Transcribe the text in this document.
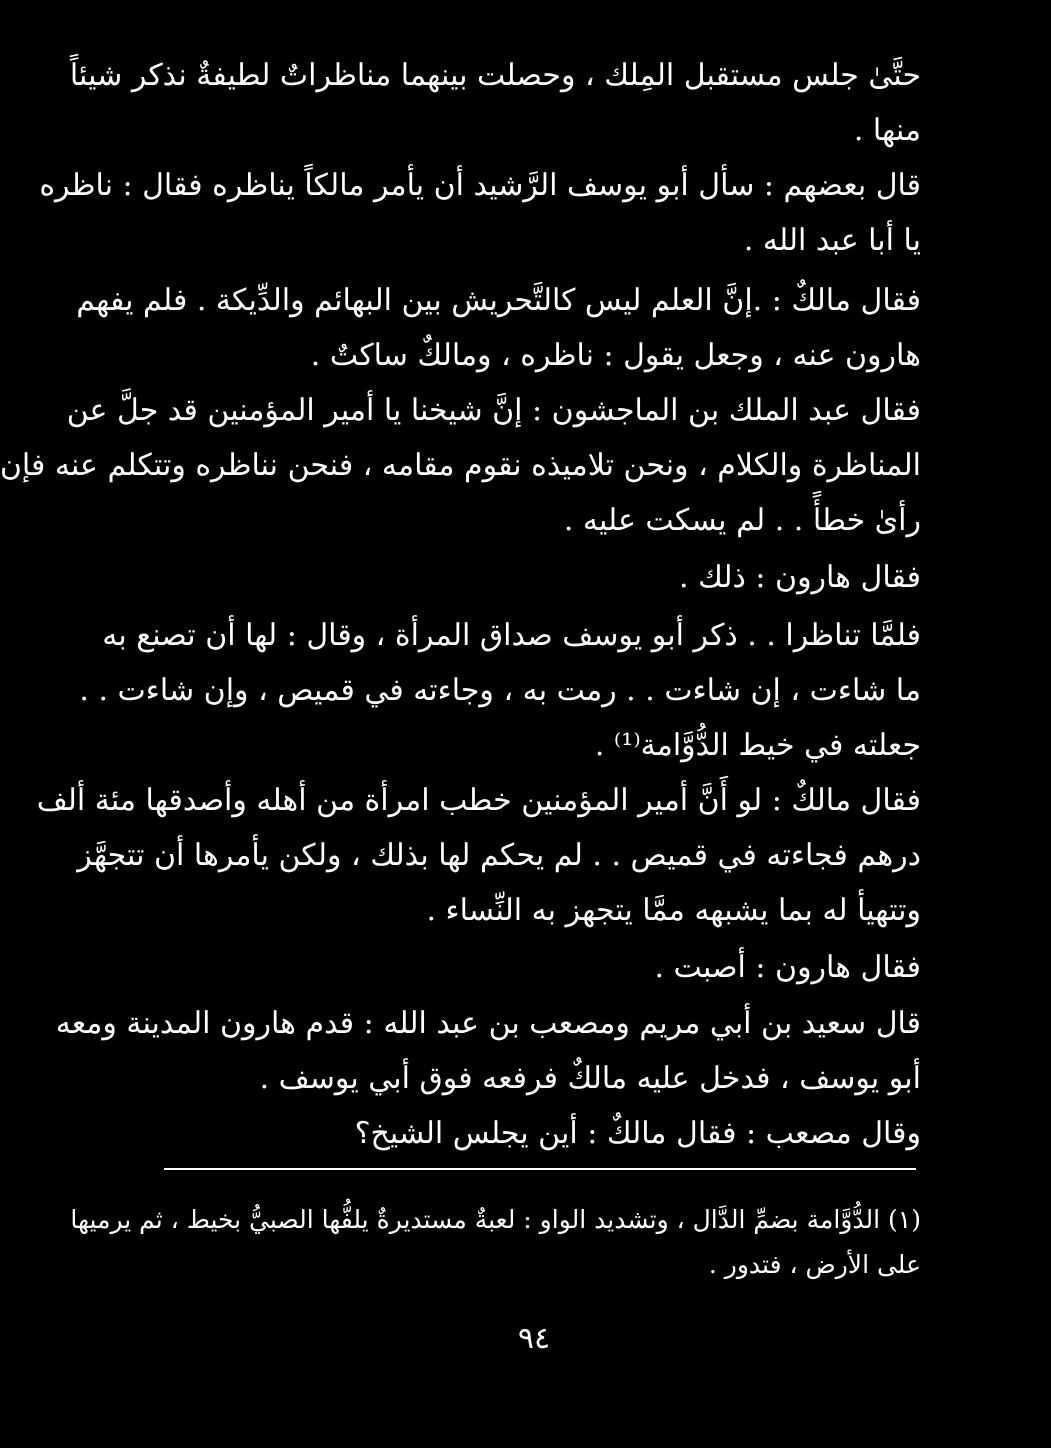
حتَّىٰ جلس مستقبل المِلك ، وحصلت بينهما مناظراتٌ لطيفةٌ نذكر شيئاً
منها .
قال بعضهم : سأل أبو يوسف الرَّشيد أن يأمر مالكاً يناظره فقال : ناظره
يا أبا عبد الله .
فقال مالكٌ : .إنَّ العلم ليس كالتَّحريش بين البهائم والدِّيكة . فلم يفهم
هارون عنه ، وجعل يقول : ناظره ، ومالكٌ ساكتٌ .
فقال عبد الملك بن الماجشون : إنَّ شيخنا يا أمير المؤمنين قد جلَّ عن
المناظرة والكلام ، ونحن تلاميذه نقوم مقامه ، فنحن نناظره وتتكلم عنه فإن
رأىٰ خطأً . . لم يسكت عليه .
فقال هارون : ذلك .
فلمَّا تناظرا . . ذكر أبو يوسف صداق المرأة ، وقال : لها أن تصنع به
ما شاءت ، إن شاءت . . رمت به ، وجاءته في قميص ، وإن شاءت . .
جعلته في خيط الدُّوَّامة⁽¹⁾ .
فقال مالكٌ : لو أَنَّ أمير المؤمنين خطب امرأة من أهله وأصدقها مئة ألف
درهم فجاءته في قميص . . لم يحكم لها بذلك ، ولكن يأمرها أن تتجهَّز
وتتهيأ له بما يشبهه ممَّا يتجهز به النِّساء .
فقال هارون : أصبت .
قال سعيد بن أبي مريم ومصعب بن عبد الله : قدم هارون المدينة ومعه
أبو يوسف ، فدخل عليه مالكٌ فرفعه فوق أبي يوسف .
وقال مصعب : فقال مالكٌ : أين يجلس الشيخ؟
(١) الدُّوَّامة بضمِّ الدَّال ، وتشديد الواو : لعبةٌ مستديرةٌ يلفُّها الصبيُّ بخيط ، ثم يرميها
على الأرض ، فتدور .
٩٤
